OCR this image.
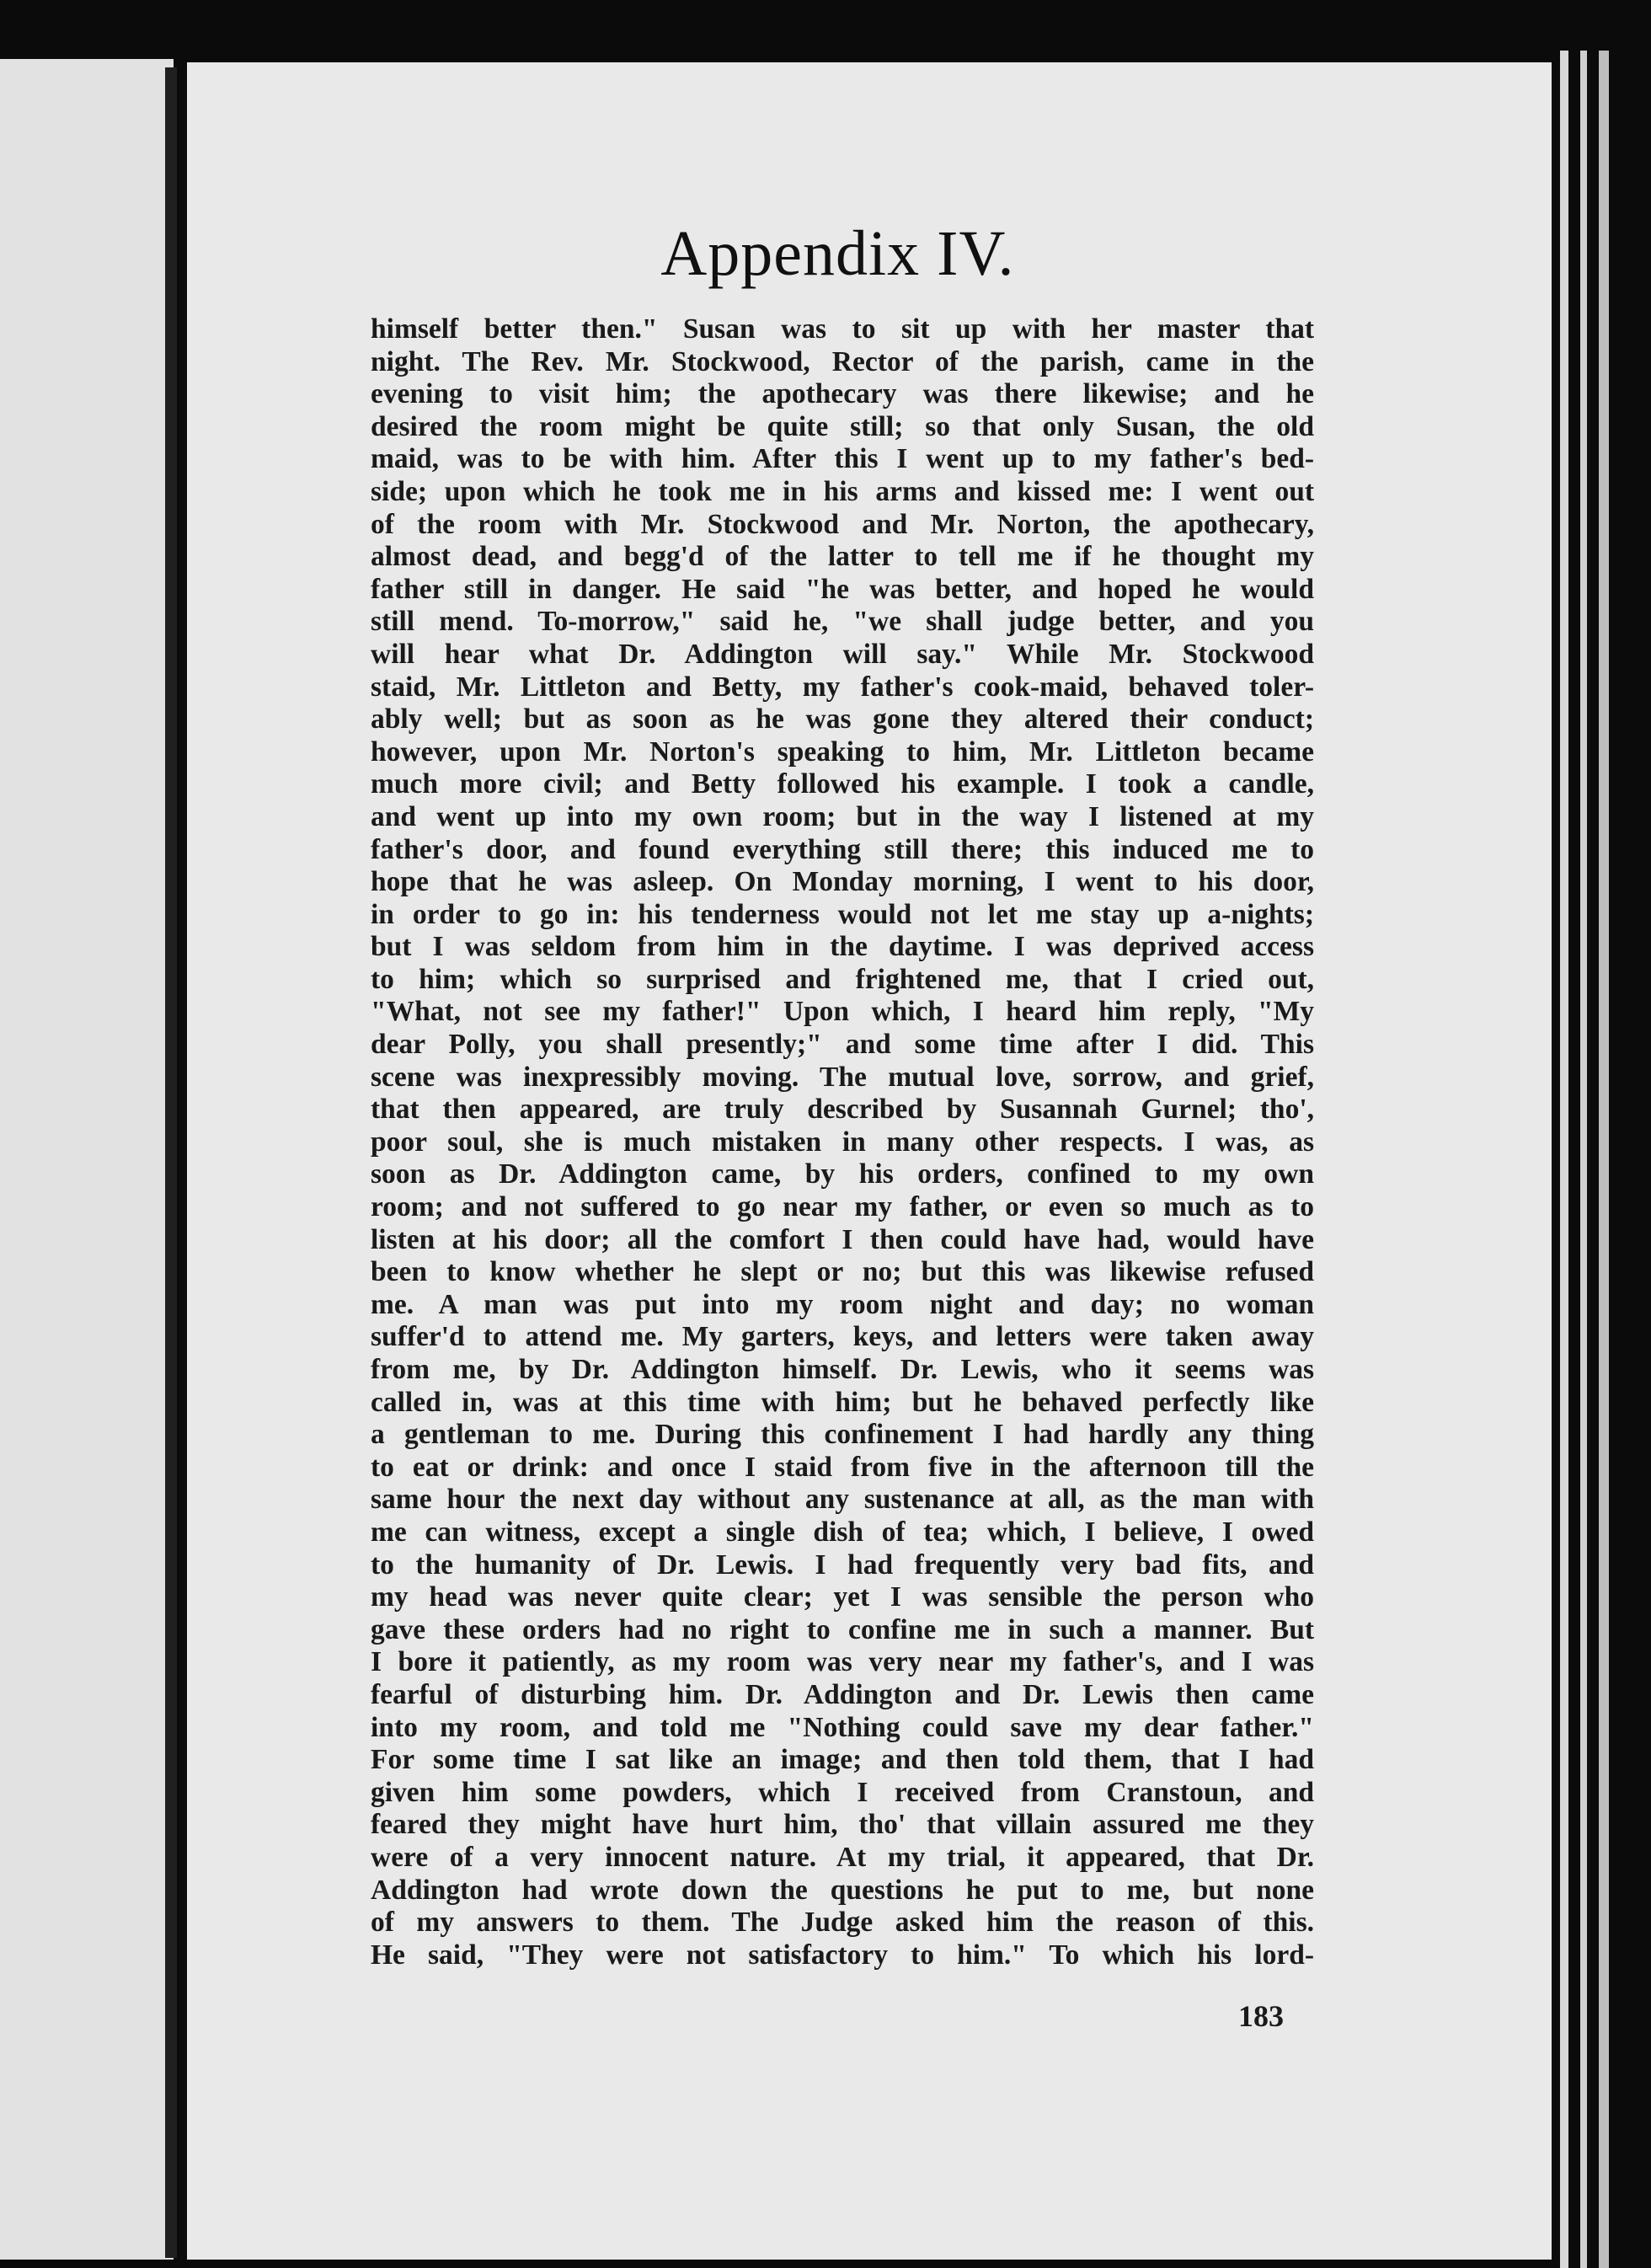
Appendix IV.
himself better then." Susan was to sit up with her master that
night. The Rev. Mr. Stockwood, Rector of the parish, came in the
evening to visit him; the apothecary was there likewise; and he
desired the room might be quite still; so that only Susan, the old
maid, was to be with him. After this I went up to my father's bed-
side; upon which he took me in his arms and kissed me: I went out
of the room with Mr. Stockwood and Mr. Norton, the apothecary,
almost dead, and begg'd of the latter to tell me if he thought my
father still in danger. He said "he was better, and hoped he would
still mend. To-morrow," said he, "we shall judge better, and you
will hear what Dr. Addington will say." While Mr. Stockwood
staid, Mr. Littleton and Betty, my father's cook-maid, behaved toler-
ably well; but as soon as he was gone they altered their conduct;
however, upon Mr. Norton's speaking to him, Mr. Littleton became
much more civil; and Betty followed his example. I took a candle,
and went up into my own room; but in the way I listened at my
father's door, and found everything still there; this induced me to
hope that he was asleep. On Monday morning, I went to his door,
in order to go in: his tenderness would not let me stay up a-nights;
but I was seldom from him in the daytime. I was deprived access
to him; which so surprised and frightened me, that I cried out,
"What, not see my father!" Upon which, I heard him reply, "My
dear Polly, you shall presently;" and some time after I did. This
scene was inexpressibly moving. The mutual love, sorrow, and grief,
that then appeared, are truly described by Susannah Gurnel; tho',
poor soul, she is much mistaken in many other respects. I was, as
soon as Dr. Addington came, by his orders, confined to my own
room; and not suffered to go near my father, or even so much as to
listen at his door; all the comfort I then could have had, would have
been to know whether he slept or no; but this was likewise refused
me. A man was put into my room night and day; no woman
suffer'd to attend me. My garters, keys, and letters were taken away
from me, by Dr. Addington himself. Dr. Lewis, who it seems was
called in, was at this time with him; but he behaved perfectly like
a gentleman to me. During this confinement I had hardly any thing
to eat or drink: and once I staid from five in the afternoon till the
same hour the next day without any sustenance at all, as the man with
me can witness, except a single dish of tea; which, I believe, I owed
to the humanity of Dr. Lewis. I had frequently very bad fits, and
my head was never quite clear; yet I was sensible the person who
gave these orders had no right to confine me in such a manner. But
I bore it patiently, as my room was very near my father's, and I was
fearful of disturbing him. Dr. Addington and Dr. Lewis then came
into my room, and told me "Nothing could save my dear father."
For some time I sat like an image; and then told them, that I had
given him some powders, which I received from Cranstoun, and
feared they might have hurt him, tho' that villain assured me they
were of a very innocent nature. At my trial, it appeared, that Dr.
Addington had wrote down the questions he put to me, but none
of my answers to them. The Judge asked him the reason of this.
He said, "They were not satisfactory to him." To which his lord-
183
